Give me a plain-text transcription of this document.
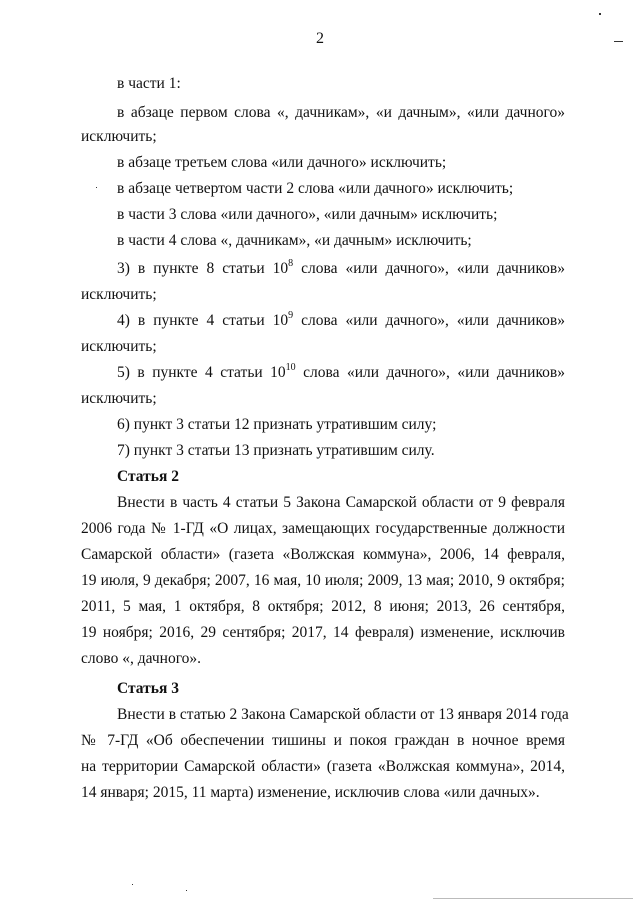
2
в части 1:
в абзаце первом слова «, дачникам», «и дачным», «или дачного»
исключить;
в абзаце третьем слова «или дачного» исключить;
в абзаце четвертом части 2 слова «или дачного» исключить;
в части 3 слова «или дачного», «или дачным» исключить;
в части 4 слова «, дачникам», «и дачным» исключить;
3) в пункте 8 статьи $10^8$ слова «или дачного», «или дачников»
исключить;
4) в пункте 4 статьи $10^9$ слова «или дачного», «или дачников»
исключить;
5) в пункте 4 статьи $10^{10}$ слова «или дачного», «или дачников»
исключить;
6) пункт 3 статьи 12 признать утратившим силу;
7) пункт 3 статьи 13 признать утратившим силу.
Статья 2
Внести в часть 4 статьи 5 Закона Самарской области от 9 февраля
2006 года № 1-ГД «О лицах, замещающих государственные должности
Самарской области» (газета «Волжская коммуна», 2006, 14 февраля,
19 июля, 9 декабря; 2007, 16 мая, 10 июля; 2009, 13 мая; 2010, 9 октября;
2011, 5 мая, 1 октября, 8 октября; 2012, 8 июня; 2013, 26 сентября,
19 ноября; 2016, 29 сентября; 2017, 14 февраля) изменение, исключив
слово «, дачного».
Статья 3
Внести в статью 2 Закона Самарской области от 13 января 2014 года
№ 7-ГД «Об обеспечении тишины и покоя граждан в ночное время
на территории Самарской области» (газета «Волжская коммуна», 2014,
14 января; 2015, 11 марта) изменение, исключив слова «или дачных».
